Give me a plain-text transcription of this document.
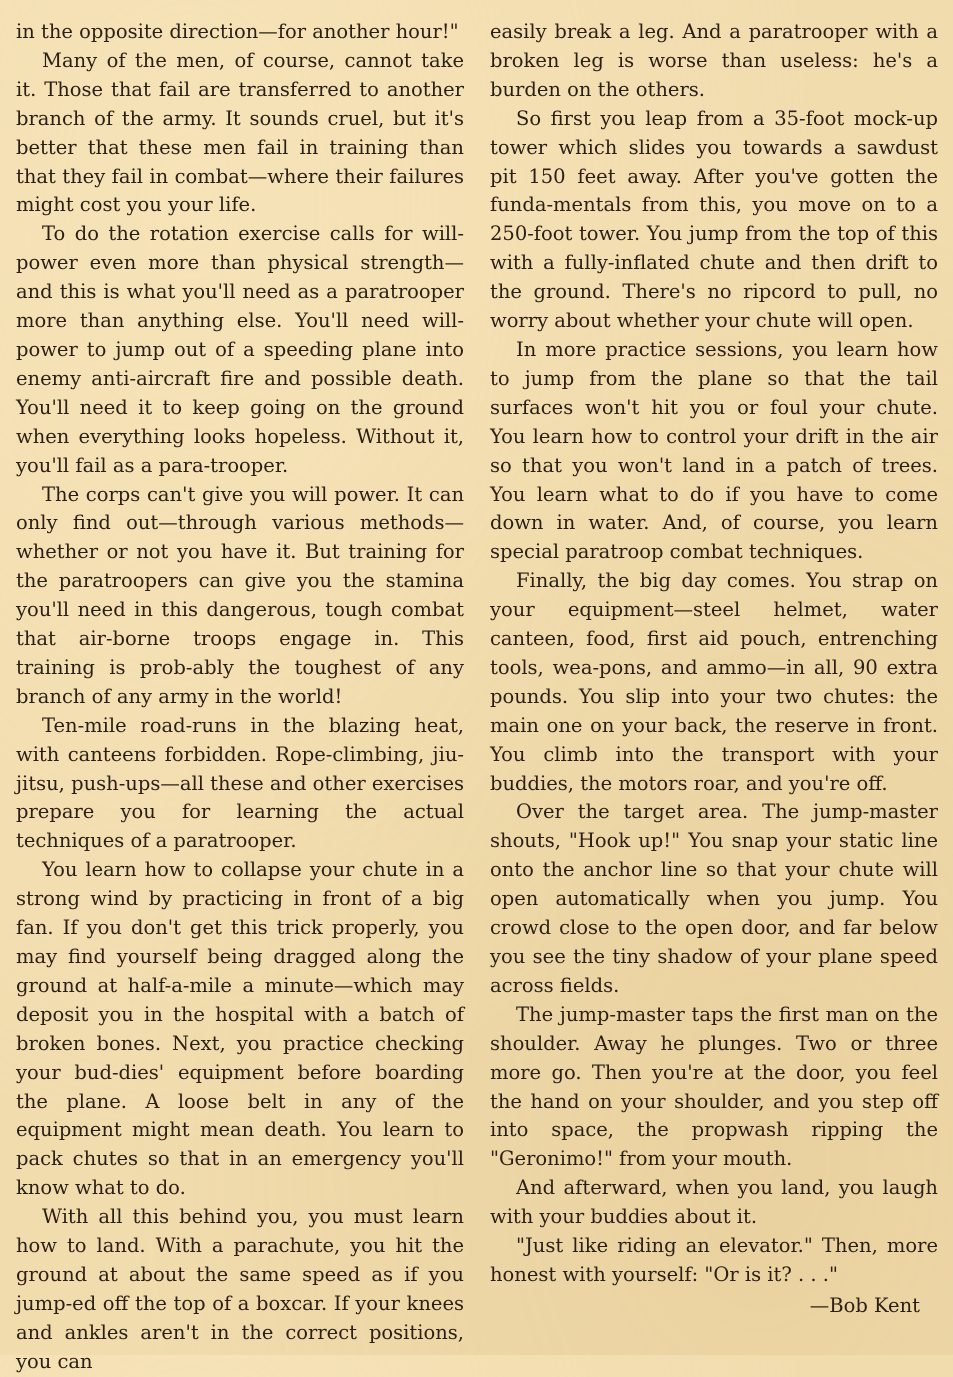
in the opposite direction—for another hour!"

Many of the men, of course, cannot take it. Those that fail are transferred to another branch of the army. It sounds cruel, but it's better that these men fail in training than that they fail in combat—where their failures might cost you your life.

To do the rotation exercise calls for will-power even more than physical strength—and this is what you'll need as a paratrooper more than anything else. You'll need will-power to jump out of a speeding plane into enemy anti-aircraft fire and possible death. You'll need it to keep going on the ground when everything looks hopeless. Without it, you'll fail as a para-trooper.

The corps can't give you will power. It can only find out—through various methods—whether or not you have it. But training for the paratroopers can give you the stamina you'll need in this dangerous, tough combat that air-borne troops engage in. This training is prob-ably the toughest of any branch of any army in the world!

Ten-mile road-runs in the blazing heat, with canteens forbidden. Rope-climbing, jiu-jitsu, push-ups—all these and other exercises prepare you for learning the actual techniques of a paratrooper.

You learn how to collapse your chute in a strong wind by practicing in front of a big fan. If you don't get this trick properly, you may find yourself being dragged along the ground at half-a-mile a minute—which may deposit you in the hospital with a batch of broken bones. Next, you practice checking your bud-dies' equipment before boarding the plane. A loose belt in any of the equipment might mean death. You learn to pack chutes so that in an emergency you'll know what to do.

With all this behind you, you must learn how to land. With a parachute, you hit the ground at about the same speed as if you jump-ed off the top of a boxcar. If your knees and ankles aren't in the correct positions, you can

easily break a leg. And a paratrooper with a broken leg is worse than useless: he's a burden on the others.

So first you leap from a 35-foot mock-up tower which slides you towards a sawdust pit 150 feet away. After you've gotten the funda-mentals from this, you move on to a 250-foot tower. You jump from the top of this with a fully-inflated chute and then drift to the ground. There's no ripcord to pull, no worry about whether your chute will open.

In more practice sessions, you learn how to jump from the plane so that the tail surfaces won't hit you or foul your chute. You learn how to control your drift in the air so that you won't land in a patch of trees. You learn what to do if you have to come down in water. And, of course, you learn special paratroop combat techniques.

Finally, the big day comes. You strap on your equipment—steel helmet, water canteen, food, first aid pouch, entrenching tools, wea-pons, and ammo—in all, 90 extra pounds. You slip into your two chutes: the main one on your back, the reserve in front. You climb into the transport with your buddies, the motors roar, and you're off.

Over the target area. The jump-master shouts, "Hook up!" You snap your static line onto the anchor line so that your chute will open automatically when you jump. You crowd close to the open door, and far below you see the tiny shadow of your plane speed across fields.

The jump-master taps the first man on the shoulder. Away he plunges. Two or three more go. Then you're at the door, you feel the hand on your shoulder, and you step off into space, the propwash ripping the "Geronimo!" from your mouth.

And afterward, when you land, you laugh with your buddies about it.

"Just like riding an elevator." Then, more honest with yourself: "Or is it? . . ."

—Bob Kent
